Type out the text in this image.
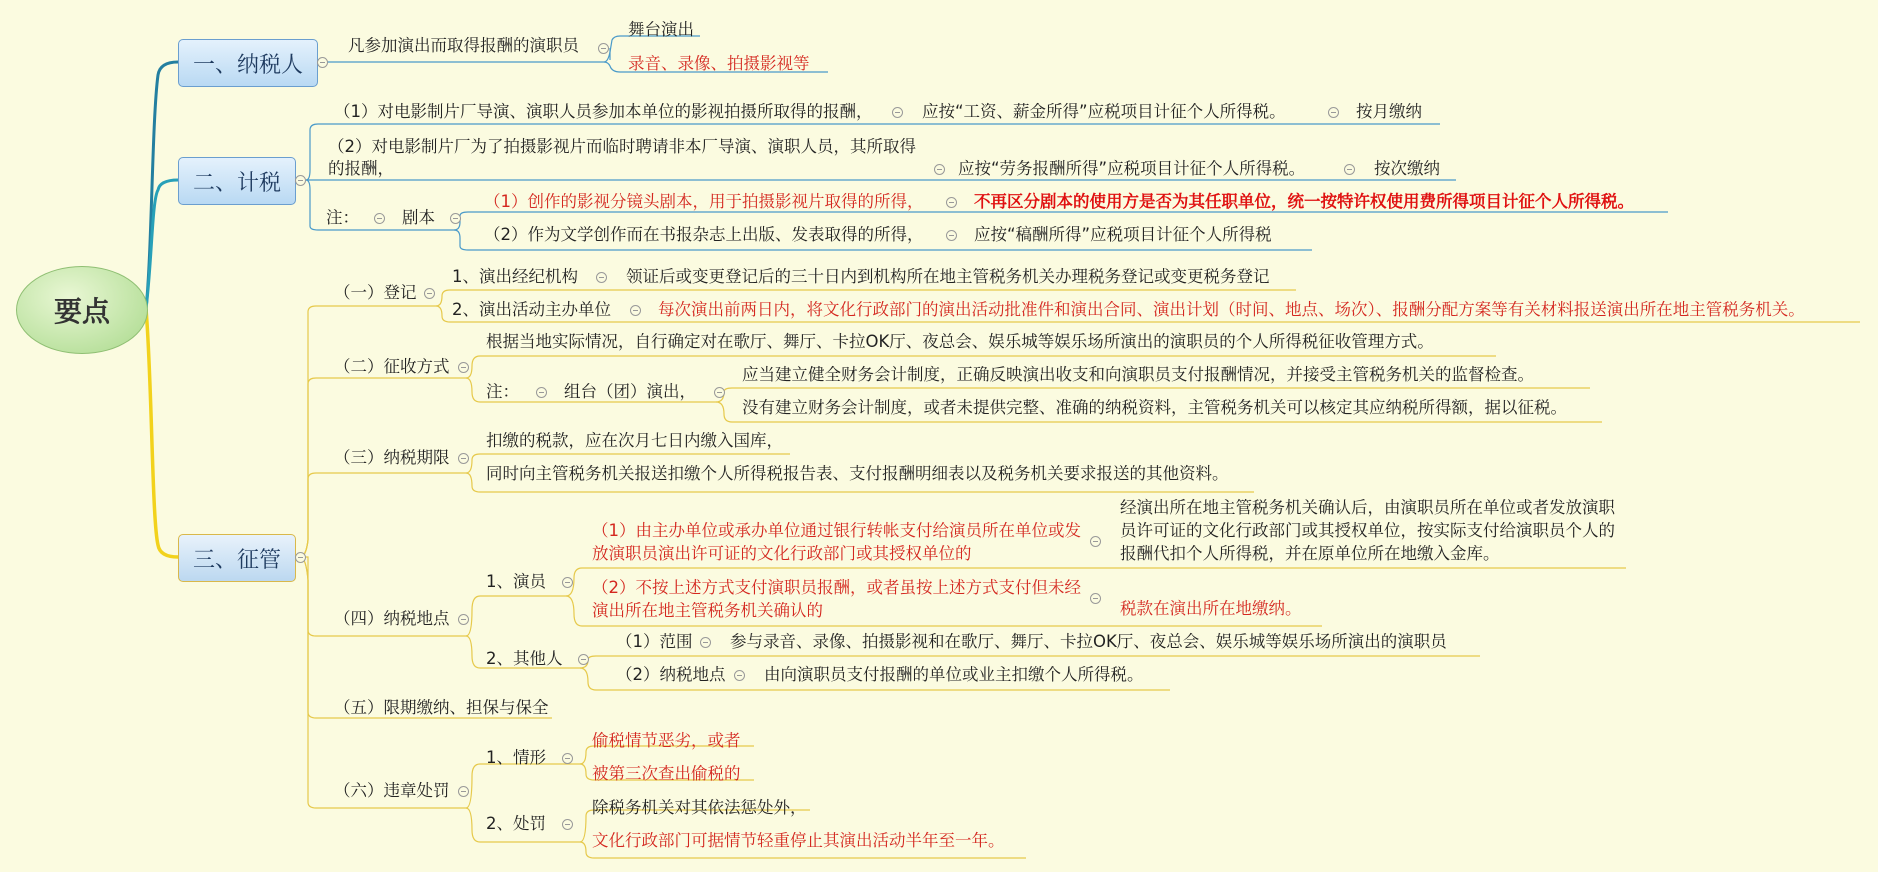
要点
一、纳税人
凡参加演出而取得报酬的演职员
舞台演出
录音、录像、拍摄影视等
二、计税
（1）对电影制片厂导演、演职人员参加本单位的影视拍摄所取得的报酬，	应按“工资、薪金所得”应税项目计征个人所得税。	按月缴纳
（2）对电影制片厂为了拍摄影视片而临时聘请非本厂导演、演职人员，其所取得的报酬，	应按“劳务报酬所得”应税项目计征个人所得税。	按次缴纳
注：	剧本
（1）创作的影视分镜头剧本，用于拍摄影视片取得的所得，	不再区分剧本的使用方是否为其任职单位，统一按特许权使用费所得项目计征个人所得税。
（2）作为文学创作而在书报杂志上出版、发表取得的所得，	应按“稿酬所得”应税项目计征个人所得税
三、征管
（一）登记
1、演出经纪机构	领证后或变更登记后的三十日内到机构所在地主管税务机关办理税务登记或变更税务登记
2、演出活动主办单位	每次演出前两日内，将文化行政部门的演出活动批准件和演出合同、演出计划（时间、地点、场次）、报酬分配方案等有关材料报送演出所在地主管税务机关。
（二）征收方式
根据当地实际情况，自行确定对在歌厅、舞厅、卡拉OK厅、夜总会、娱乐城等娱乐场所演出的演职员的个人所得税征收管理方式。
注：	组台（团）演出，
应当建立健全财务会计制度，正确反映演出收支和向演职员支付报酬情况，并接受主管税务机关的监督检查。
没有建立财务会计制度，或者未提供完整、准确的纳税资料，主管税务机关可以核定其应纳税所得额，据以征税。
（三）纳税期限
扣缴的税款，应在次月七日内缴入国库，
同时向主管税务机关报送扣缴个人所得税报告表、支付报酬明细表以及税务机关要求报送的其他资料。
（四）纳税地点
1、演员
（1）由主办单位或承办单位通过银行转帐支付给演员所在单位或发放演职员演出许可证的文化行政部门或其授权单位的
经演出所在地主管税务机关确认后，由演职员所在单位或者发放演职员许可证的文化行政部门或其授权单位，按实际支付给演职员个人的报酬代扣个人所得税，并在原单位所在地缴入金库。
（2）不按上述方式支付演职员报酬，或者虽按上述方式支付但未经演出所在地主管税务机关确认的	税款在演出所在地缴纳。
2、其他人
（1）范围 参与录音、录像、拍摄影视和在歌厅、舞厅、卡拉OK厅、夜总会、娱乐城等娱乐场所演出的演职员
（2）纳税地点 由向演职员支付报酬的单位或业主扣缴个人所得税。
（五）限期缴纳、担保与保全
（六）违章处罚
1、情形
偷税情节恶劣，或者
被第三次查出偷税的
2、处罚
除税务机关对其依法惩处外，
文化行政部门可据情节轻重停止其演出活动半年至一年。
